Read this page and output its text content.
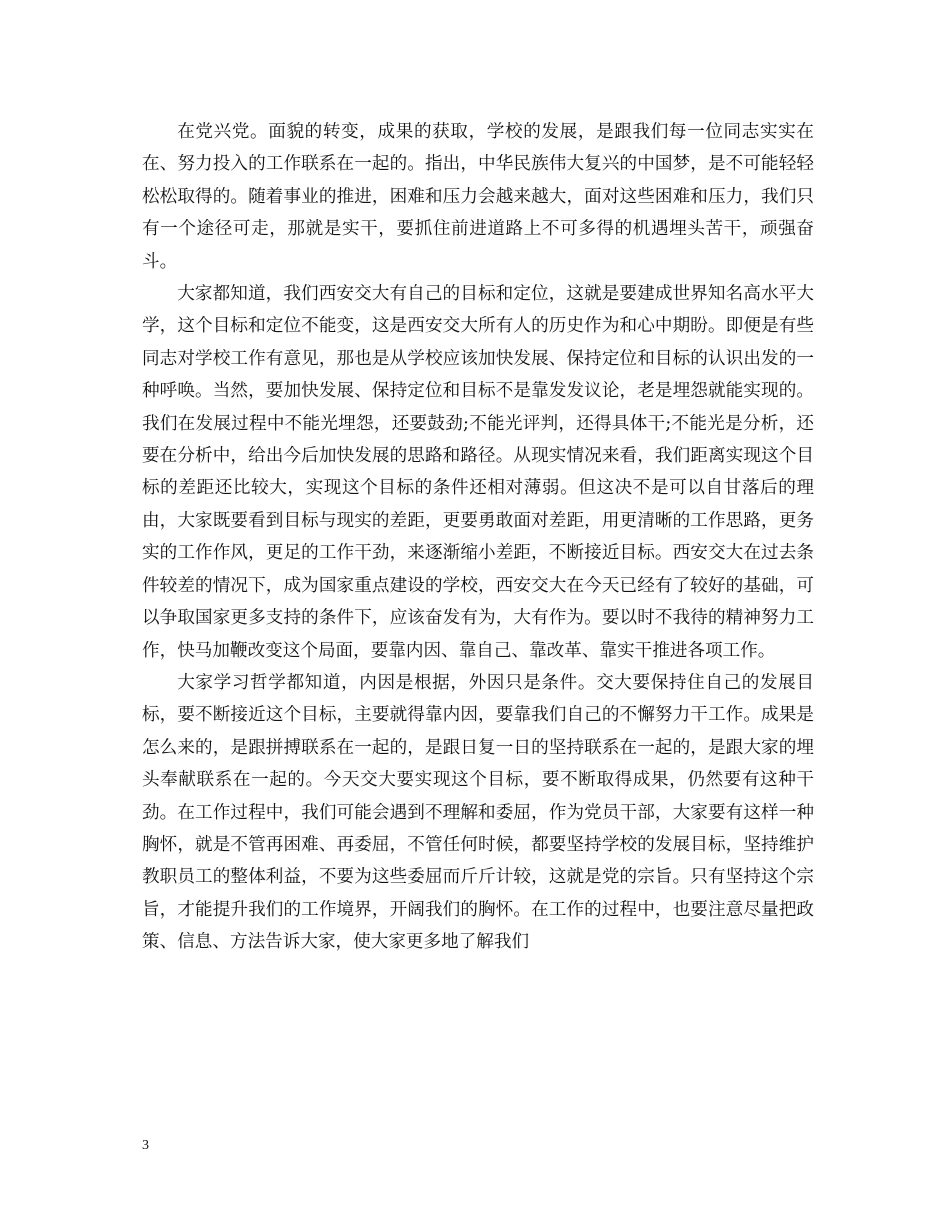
在党兴党。面貌的转变，成果的获取，学校的发展，是跟我们每一位同志实实在在、努力投入的工作联系在一起的。指出，中华民族伟大复兴的中国梦，是不可能轻轻松松取得的。随着事业的推进，困难和压力会越来越大，面对这些困难和压力，我们只有一个途径可走，那就是实干，要抓住前进道路上不可多得的机遇埋头苦干，顽强奋斗。

大家都知道，我们西安交大有自己的目标和定位，这就是要建成世界知名高水平大学，这个目标和定位不能变，这是西安交大所有人的历史作为和心中期盼。即便是有些同志对学校工作有意见，那也是从学校应该加快发展、保持定位和目标的认识出发的一种呼唤。当然，要加快发展、保持定位和目标不是靠发发议论，老是埋怨就能实现的。我们在发展过程中不能光埋怨，还要鼓劲;不能光评判，还得具体干;不能光是分析，还要在分析中，给出今后加快发展的思路和路径。从现实情况来看，我们距离实现这个目标的差距还比较大，实现这个目标的条件还相对薄弱。但这决不是可以自甘落后的理由，大家既要看到目标与现实的差距，更要勇敢面对差距，用更清晰的工作思路，更务实的工作作风，更足的工作干劲，来逐渐缩小差距，不断接近目标。西安交大在过去条件较差的情况下，成为国家重点建设的学校，西安交大在今天已经有了较好的基础，可以争取国家更多支持的条件下，应该奋发有为，大有作为。要以时不我待的精神努力工作，快马加鞭改变这个局面，要靠内因、靠自己、靠改革、靠实干推进各项工作。

大家学习哲学都知道，内因是根据，外因只是条件。交大要保持住自己的发展目标，要不断接近这个目标，主要就得靠内因，要靠我们自己的不懈努力干工作。成果是怎么来的，是跟拼搏联系在一起的，是跟日复一日的坚持联系在一起的，是跟大家的埋头奉献联系在一起的。今天交大要实现这个目标，要不断取得成果，仍然要有这种干劲。在工作过程中，我们可能会遇到不理解和委屈，作为党员干部，大家要有这样一种胸怀，就是不管再困难、再委屈，不管任何时候，都要坚持学校的发展目标，坚持维护教职员工的整体利益，不要为这些委屈而斤斤计较，这就是党的宗旨。只有坚持这个宗旨，才能提升我们的工作境界，开阔我们的胸怀。在工作的过程中，也要注意尽量把政策、信息、方法告诉大家，使大家更多地了解我们

3
